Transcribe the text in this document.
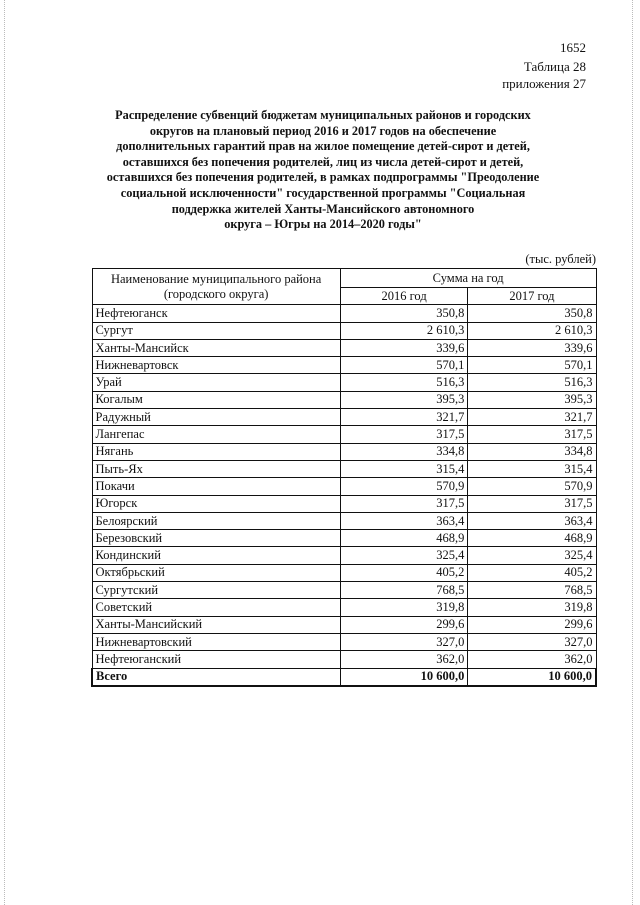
1652
Таблица 28
приложения 27
Распределение субвенций бюджетам муниципальных районов и городских
округов на плановый период 2016 и 2017 годов на обеспечение
дополнительных гарантий прав на жилое помещение детей-сирот и детей,
оставшихся без попечения родителей, лиц из числа детей-сирот и детей,
оставшихся без попечения родителей, в рамках подпрограммы "Преодоление
социальной исключенности" государственной программы "Социальная
поддержка жителей Ханты-Мансийского автономного
округа – Югры на 2014–2020 годы"
(тыс. рублей)
Наименование муниципального района (городского округа)	Сумма на год	
	2016 год	2017 год
Нефтеюганск	350,8	350,8
Сургут	2 610,3	2 610,3
Ханты-Мансийск	339,6	339,6
Нижневартовск	570,1	570,1
Урай	516,3	516,3
Когалым	395,3	395,3
Радужный	321,7	321,7
Лангепас	317,5	317,5
Нягань	334,8	334,8
Пыть-Ях	315,4	315,4
Покачи	570,9	570,9
Югорск	317,5	317,5
Белоярский	363,4	363,4
Березовский	468,9	468,9
Кондинский	325,4	325,4
Октябрьский	405,2	405,2
Сургутский	768,5	768,5
Советский	319,8	319,8
Ханты-Мансийский	299,6	299,6
Нижневартовский	327,0	327,0
Нефтеюганский	362,0	362,0
Всего	10 600,0	10 600,0
